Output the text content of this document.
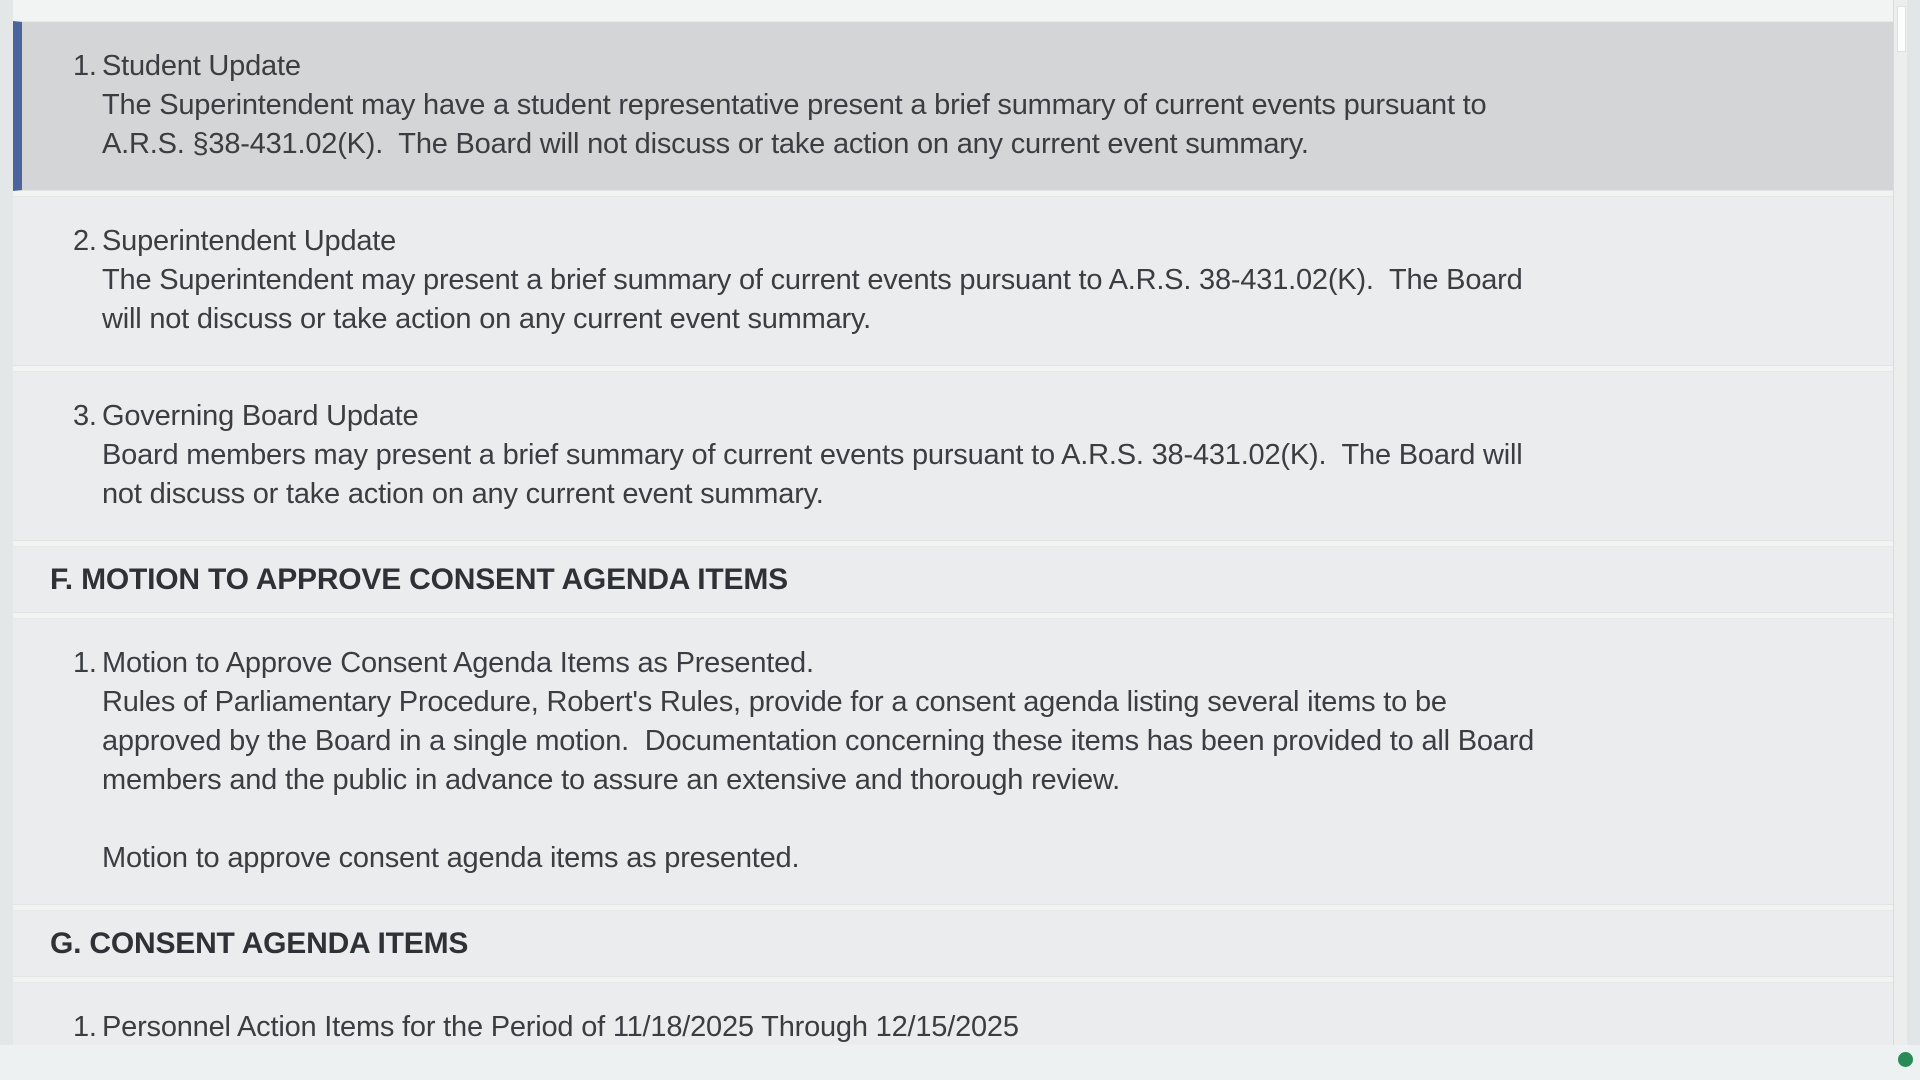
1. Student Update
The Superintendent may have a student representative present a brief summary of current events pursuant to A.R.S. §38-431.02(K).  The Board will not discuss or take action on any current event summary.
2. Superintendent Update
The Superintendent may present a brief summary of current events pursuant to A.R.S. 38-431.02(K).  The Board will not discuss or take action on any current event summary.
3. Governing Board Update
Board members may present a brief summary of current events pursuant to A.R.S. 38-431.02(K).  The Board will not discuss or take action on any current event summary.
F. MOTION TO APPROVE CONSENT AGENDA ITEMS
1. Motion to Approve Consent Agenda Items as Presented.
Rules of Parliamentary Procedure, Robert's Rules, provide for a consent agenda listing several items to be approved by the Board in a single motion.  Documentation concerning these items has been provided to all Board members and the public in advance to assure an extensive and thorough review.
Motion to approve consent agenda items as presented.
G. CONSENT AGENDA ITEMS
1. Personnel Action Items for the Period of 11/18/2025 Through 12/15/2025
